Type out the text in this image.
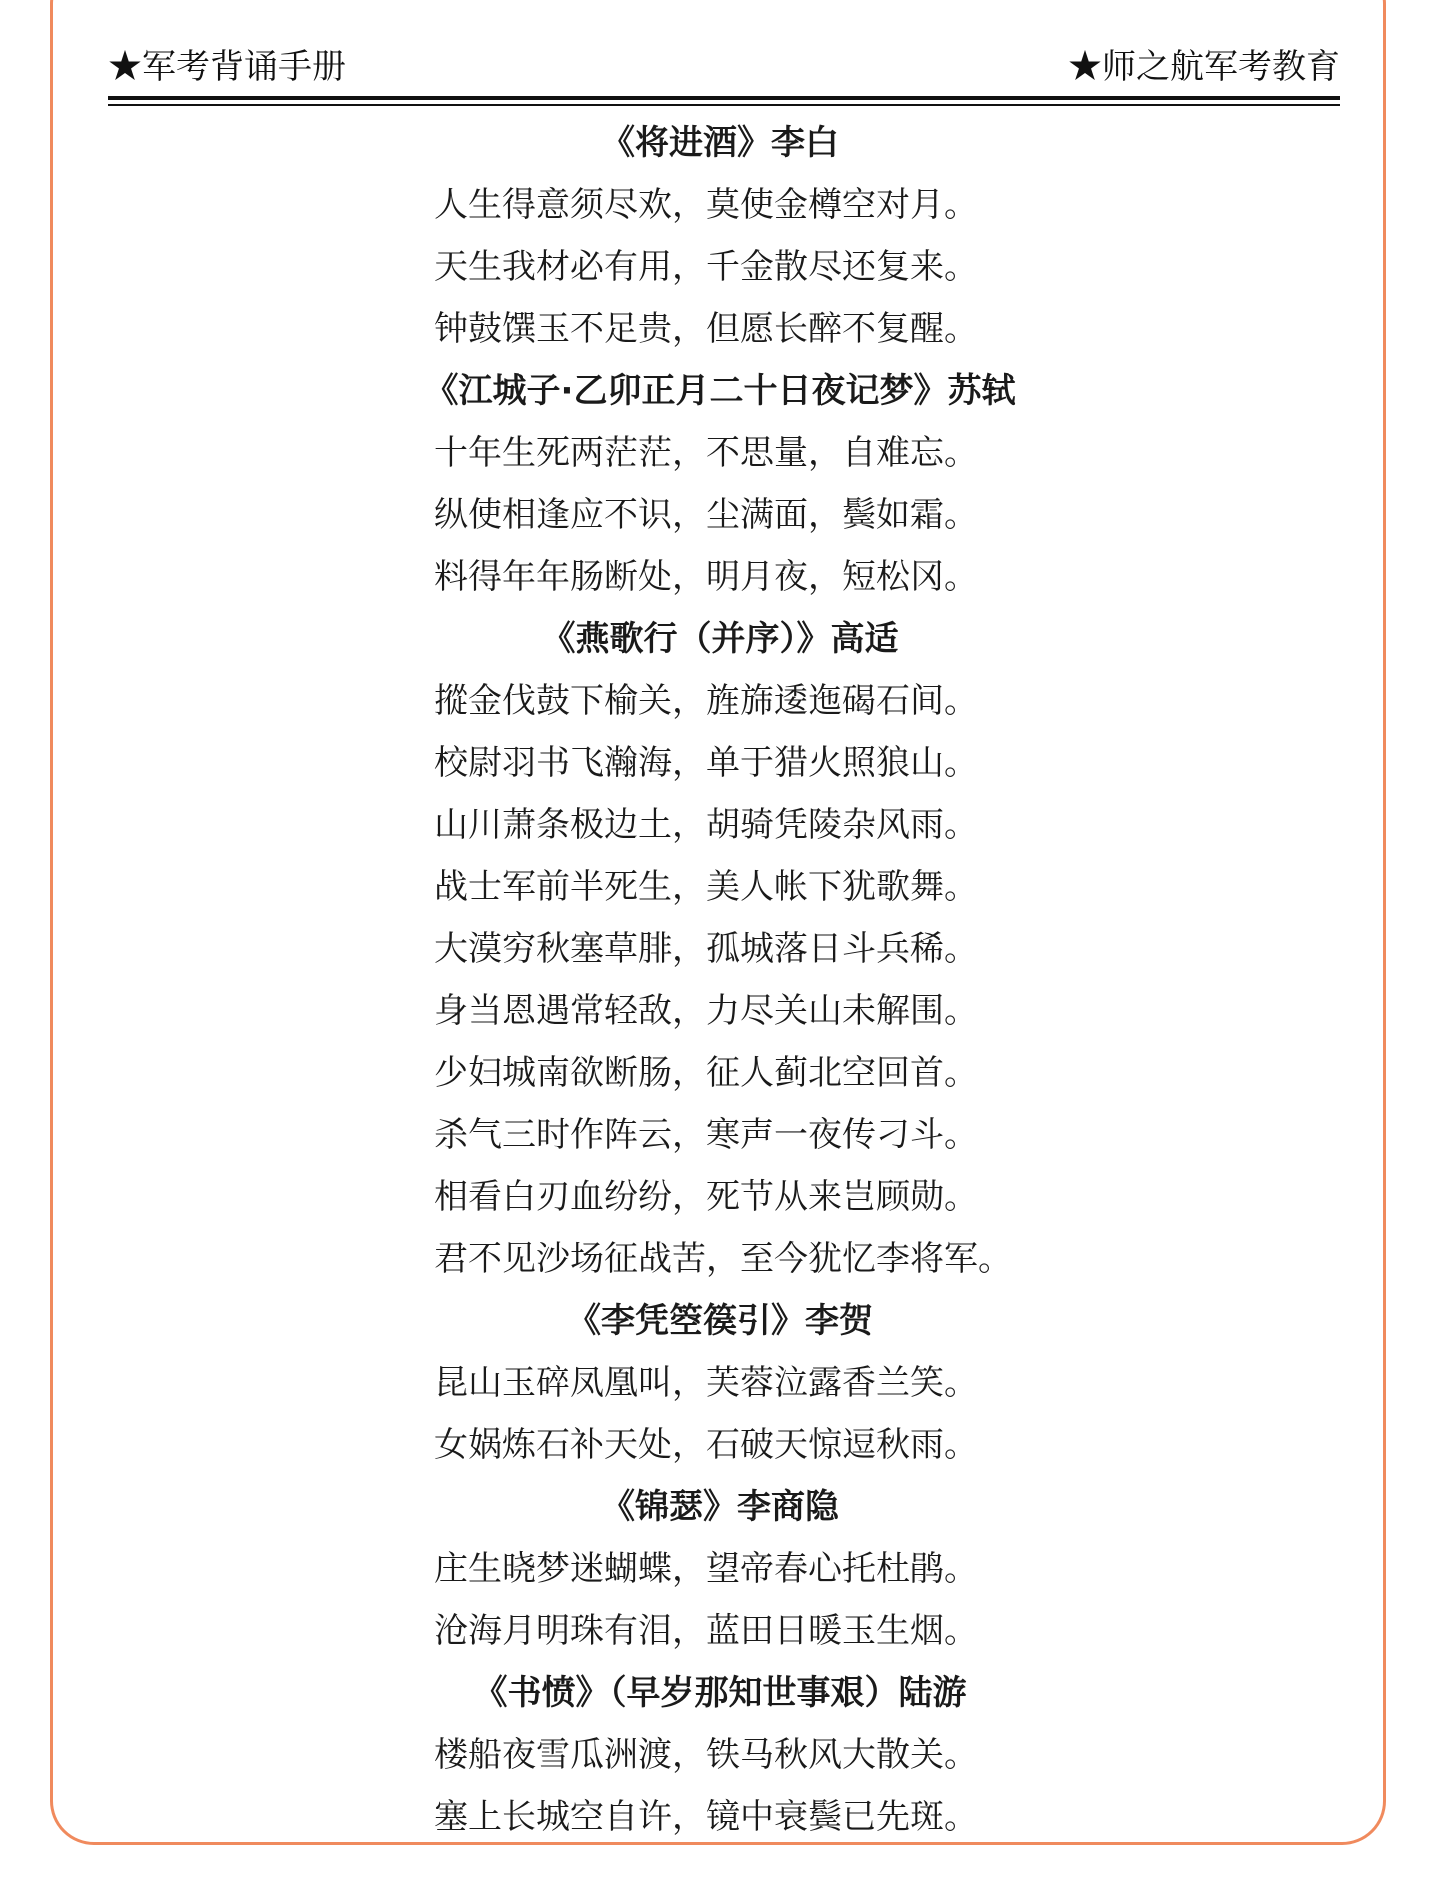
★军考背诵手册	★师之航军考教育
《将进酒》李白
人生得意须尽欢，莫使金樽空对月。
天生我材必有用，千金散尽还复来。
钟鼓馔玉不足贵，但愿长醉不复醒。
《江城子·乙卯正月二十日夜记梦》苏轼
十年生死两茫茫，不思量，自难忘。
纵使相逢应不识，尘满面，鬓如霜。
料得年年肠断处，明月夜，短松冈。
《燕歌行（并序）》高适
摐金伐鼓下榆关，旌旆逶迤碣石间。
校尉羽书飞瀚海，单于猎火照狼山。
山川萧条极边土，胡骑凭陵杂风雨。
战士军前半死生，美人帐下犹歌舞。
大漠穷秋塞草腓，孤城落日斗兵稀。
身当恩遇常轻敌，力尽关山未解围。
少妇城南欲断肠，征人蓟北空回首。
杀气三时作阵云，寒声一夜传刁斗。
相看白刃血纷纷，死节从来岂顾勋。
君不见沙场征战苦，至今犹忆李将军。
《李凭箜篌引》李贺
昆山玉碎凤凰叫，芙蓉泣露香兰笑。
女娲炼石补天处，石破天惊逗秋雨。
《锦瑟》李商隐
庄生晓梦迷蝴蝶，望帝春心托杜鹃。
沧海月明珠有泪，蓝田日暖玉生烟。
《书愤》（早岁那知世事艰）陆游
楼船夜雪瓜洲渡，铁马秋风大散关。
塞上长城空自许，镜中衰鬓已先斑。
